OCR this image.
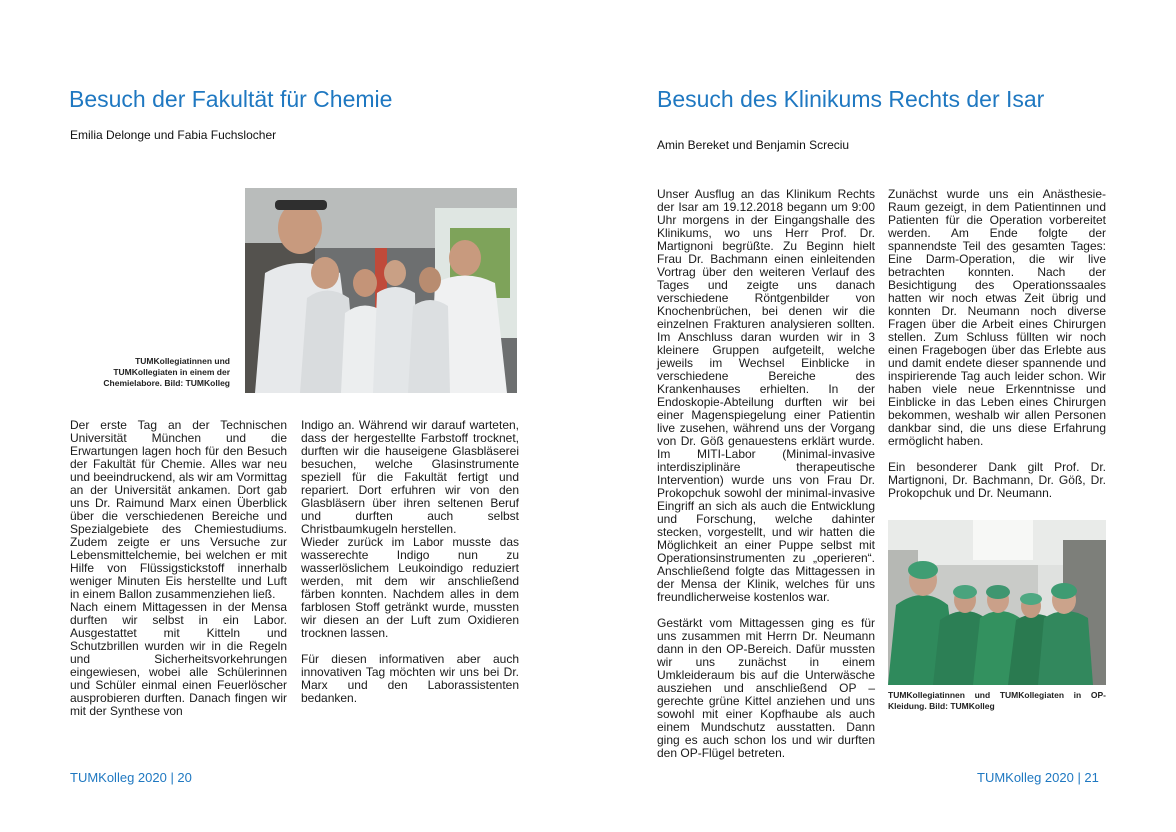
Besuch der Fakultät für Chemie
Emilia Delonge und Fabia Fuchslocher
TUMKollegiatinnen und TUMKollegiaten in einem der Chemielabore. Bild: TUMKolleg

Der erste Tag an der Technischen Universität München und die Erwartungen lagen hoch für den Besuch der Fakultät für Chemie. Alles war neu und beeindruckend, als wir am Vormittag an der Universität ankamen. Dort gab uns Dr. Raimund Marx einen Überblick über die verschiedenen Bereiche und Spezialgebiete des Chemiestudiums. Zudem zeigte er uns Versuche zur Lebensmittelchemie, bei welchen er mit Hilfe von Flüssigstickstoff innerhalb weniger Minuten Eis herstellte und Luft in einem Ballon zusammenziehen ließ.

Nach einem Mittagessen in der Mensa durften wir selbst in ein Labor. Ausgestattet mit Kitteln und Schutzbrillen wurden wir in die Regeln und Sicherheitsvorkehrungen eingewiesen, wobei alle Schülerinnen und Schüler einmal einen Feuerlöscher ausprobieren durften. Danach fingen wir mit der Synthese von

Indigo an. Während wir darauf warteten, dass der hergestellte Farbstoff trocknet, durften wir die hauseigene Glasbläserei besuchen, welche Glasinstrumente speziell für die Fakultät fertigt und repariert. Dort erfuhren wir von den Glasbläsern über ihren seltenen Beruf und durften auch selbst Christbaumkugeln herstellen.

Wieder zurück im Labor musste das wasserechte Indigo nun zu wasserlöslichem Leukoindigo reduziert werden, mit dem wir anschließend färben konnten. Nachdem alles in dem farblosen Stoff getränkt wurde, mussten wir diesen an der Luft zum Oxidieren trocknen lassen.

Für diesen informativen aber auch innovativen Tag möchten wir uns bei Dr. Marx und den Laborassistenten bedanken.

TUMKolleg 2020 | 20
Besuch des Klinikums Rechts der Isar
Amin Bereket und Benjamin Screciu

Unser Ausflug an das Klinikum Rechts der Isar am 19.12.2018 begann um 9:00 Uhr morgens in der Eingangshalle des Klinikums, wo uns Herr Prof. Dr. Martignoni begrüßte. Zu Beginn hielt Frau Dr. Bachmann einen einleitenden Vortrag über den weiteren Verlauf des Tages und zeigte uns danach verschiedene Röntgenbilder von Knochenbrüchen, bei denen wir die einzelnen Frakturen analysieren sollten. Im Anschluss daran wurden wir in 3 kleinere Gruppen aufgeteilt, welche jeweils im Wechsel Einblicke in verschiedene Bereiche des Krankenhauses erhielten. In der Endoskopie-Abteilung durften wir bei einer Magenspiegelung einer Patientin live zusehen, während uns der Vorgang von Dr. Göß genauestens erklärt wurde. Im MITI-Labor (Minimal-invasive interdisziplinäre therapeutische Intervention) wurde uns von Frau Dr. Prokopchuk sowohl der minimal-invasive Eingriff an sich als auch die Entwicklung und Forschung, welche dahinter stecken, vorgestellt, und wir hatten die Möglichkeit an einer Puppe selbst mit Operationsinstrumenten zu „operieren“. Anschließend folgte das Mittagessen in der Mensa der Klinik, welches für uns freundlicherweise kostenlos war.

Gestärkt vom Mittagessen ging es für uns zusammen mit Herrn Dr. Neumann dann in den OP-Bereich. Dafür mussten wir uns zunächst in einem Umkleideraum bis auf die Unterwäsche ausziehen und anschließend OP – gerechte grüne Kittel anziehen und uns sowohl mit einer Kopfhaube als auch einem Mundschutz ausstatten. Dann ging es auch schon los und wir durften den OP-Flügel betreten.

Zunächst wurde uns ein Anästhesie-Raum gezeigt, in dem Patientinnen und Patienten für die Operation vorbereitet werden. Am Ende folgte der spannendste Teil des gesamten Tages: Eine Darm-Operation, die wir live betrachten konnten. Nach der Besichtigung des Operationssaales hatten wir noch etwas Zeit übrig und konnten Dr. Neumann noch diverse Fragen über die Arbeit eines Chirurgen stellen. Zum Schluss füllten wir noch einen Fragebogen über das Erlebte aus und damit endete dieser spannende und inspirierende Tag auch leider schon. Wir haben viele neue Erkenntnisse und Einblicke in das Leben eines Chirurgen bekommen, weshalb wir allen Personen dankbar sind, die uns diese Erfahrung ermöglicht haben.

Ein besonderer Dank gilt Prof. Dr. Martignoni, Dr. Bachmann, Dr. Göß, Dr. Prokopchuk und Dr. Neumann.

TUMKollegiatinnen und TUMKollegiaten in OP-Kleidung. Bild: TUMKolleg
TUMKolleg 2020 | 21
